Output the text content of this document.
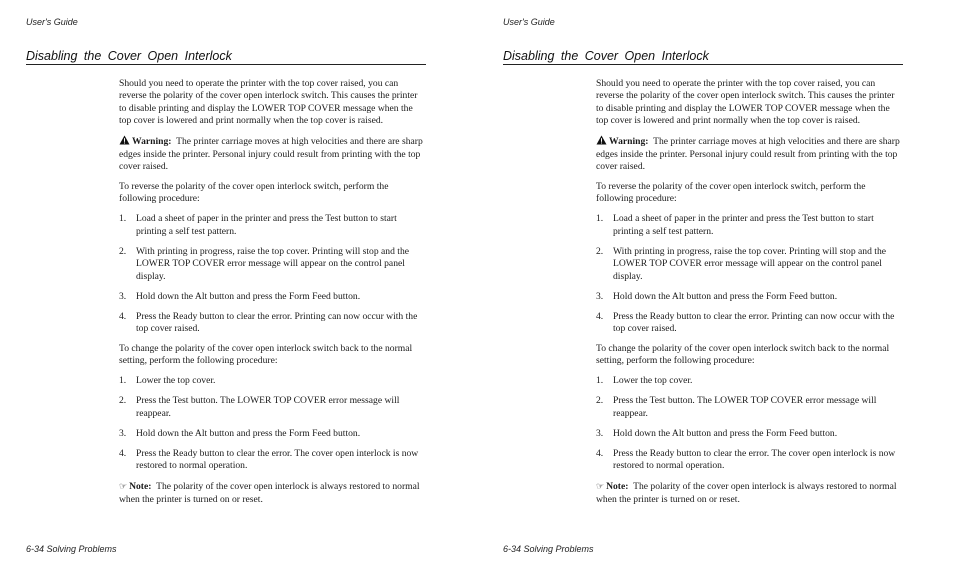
User's Guide
Disabling the Cover Open Interlock

Should you need to operate the printer with the top cover raised, you can reverse the polarity of the cover open interlock switch. This causes the printer to disable printing and display the LOWER TOP COVER message when the top cover is lowered and print normally when the top cover is raised.

Warning: The printer carriage moves at high velocities and there are sharp edges inside the printer. Personal injury could result from printing with the top cover raised.

To reverse the polarity of the cover open interlock switch, perform the following procedure:

1. Load a sheet of paper in the printer and press the Test button to start printing a self test pattern.
2. With printing in progress, raise the top cover. Printing will stop and the LOWER TOP COVER error message will appear on the control panel display.
3. Hold down the Alt button and press the Form Feed button.
4. Press the Ready button to clear the error. Printing can now occur with the top cover raised.

To change the polarity of the cover open interlock switch back to the normal setting, perform the following procedure:

1. Lower the top cover.
2. Press the Test button. The LOWER TOP COVER error message will reappear.
3. Hold down the Alt button and press the Form Feed button.
4. Press the Ready button to clear the error. The cover open interlock is now restored to normal operation.

☞ Note: The polarity of the cover open interlock is always restored to normal when the printer is turned on or reset.

6-34 Solving Problems
User's Guide
Disabling the Cover Open Interlock

Should you need to operate the printer with the top cover raised, you can reverse the polarity of the cover open interlock switch. This causes the printer to disable printing and display the LOWER TOP COVER message when the top cover is lowered and print normally when the top cover is raised.

Warning: The printer carriage moves at high velocities and there are sharp edges inside the printer. Personal injury could result from printing with the top cover raised.

To reverse the polarity of the cover open interlock switch, perform the following procedure:

1. Load a sheet of paper in the printer and press the Test button to start printing a self test pattern.
2. With printing in progress, raise the top cover. Printing will stop and the LOWER TOP COVER error message will appear on the control panel display.
3. Hold down the Alt button and press the Form Feed button.
4. Press the Ready button to clear the error. Printing can now occur with the top cover raised.

To change the polarity of the cover open interlock switch back to the normal setting, perform the following procedure:

1. Lower the top cover.
2. Press the Test button. The LOWER TOP COVER error message will reappear.
3. Hold down the Alt button and press the Form Feed button.
4. Press the Ready button to clear the error. The cover open interlock is now restored to normal operation.

☞ Note: The polarity of the cover open interlock is always restored to normal when the printer is turned on or reset.

6-34 Solving Problems
